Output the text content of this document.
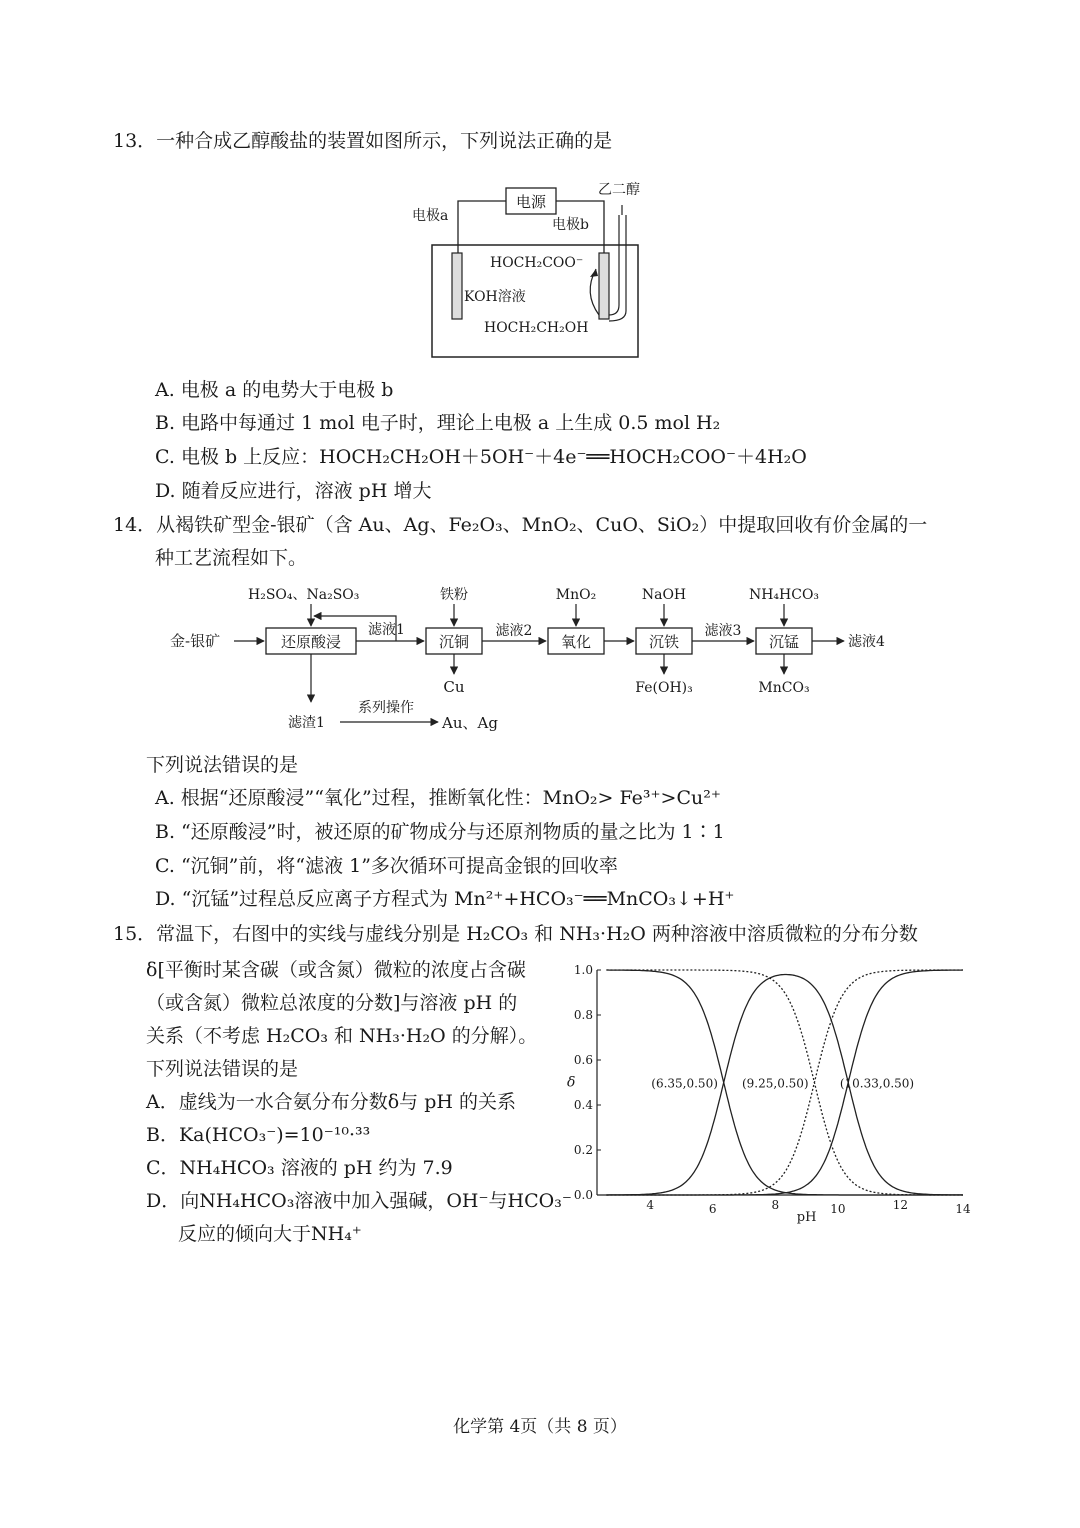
13．一种合成乙醇酸盐的装置如图所示，下列说法正确的是
电源
电极a
电极b
乙二醇
HOCH₂COO⁻
KOH溶液
HOCH₂CH₂OH
A. 电极 a 的电势大于电极 b
B. 电路中每通过 1 mol 电子时，理论上电极 a 上生成 0.5 mol H₂
C. 电极 b 上反应：HOCH₂CH₂OH＋5OH⁻＋4e⁻══HOCH₂COO⁻＋4H₂O
D. 随着反应进行，溶液 pH 增大
14．从褐铁矿型金-银矿（含 Au、Ag、Fe₂O₃、MnO₂、CuO、SiO₂）中提取回收有价金属的一
种工艺流程如下。
金-银矿	还原酸浸
H₂SO₄、Na₂SO₃
滤液1
沉铜
铁粉
Cu
滤液2
氧化
MnO₂
沉铁
NaOH
Fe(OH)₃
滤液3
沉锰
NH₄HCO₃
MnCO₃
滤液4
滤渣1
系列操作
Au、Ag
下列说法错误的是
A. 根据“还原酸浸”“氧化”过程，推断氧化性：MnO₂> Fe³⁺>Cu²⁺
B. “还原酸浸”时，被还原的矿物成分与还原剂物质的量之比为 1∶1
C. “沉铜”前，将“滤液 1”多次循环可提高金银的回收率
D. “沉锰”过程总反应离子方程式为 Mn²⁺+HCO₃⁻══MnCO₃↓+H⁺
15．常温下，右图中的实线与虚线分别是 H₂CO₃ 和 NH₃·H₂O 两种溶液中溶质微粒的分布分数
δ[平衡时某含碳（或含氮）微粒的浓度占含碳
（或含氮）微粒总浓度的分数]与溶液 pH 的
关系（不考虑 H₂CO₃ 和 NH₃·H₂O 的分解）。
下列说法错误的是
A．虚线为一水合氨分布分数δ与 pH 的关系
B．Ka(HCO₃⁻)=10⁻¹⁰·³³
C．NH₄HCO₃ 溶液的 pH 约为 7.9
D．向NH₄HCO₃溶液中加入强碱，OH⁻与HCO₃⁻
反应的倾向大于NH₄⁺
0.0
0.2
0.4
0.6
0.8
1.0
4	6	8	10	12	14
pH
δ	(6.35,0.50) (9.25,0.50)	(10.33,0.50)
化学第 4页（共 8 页）
